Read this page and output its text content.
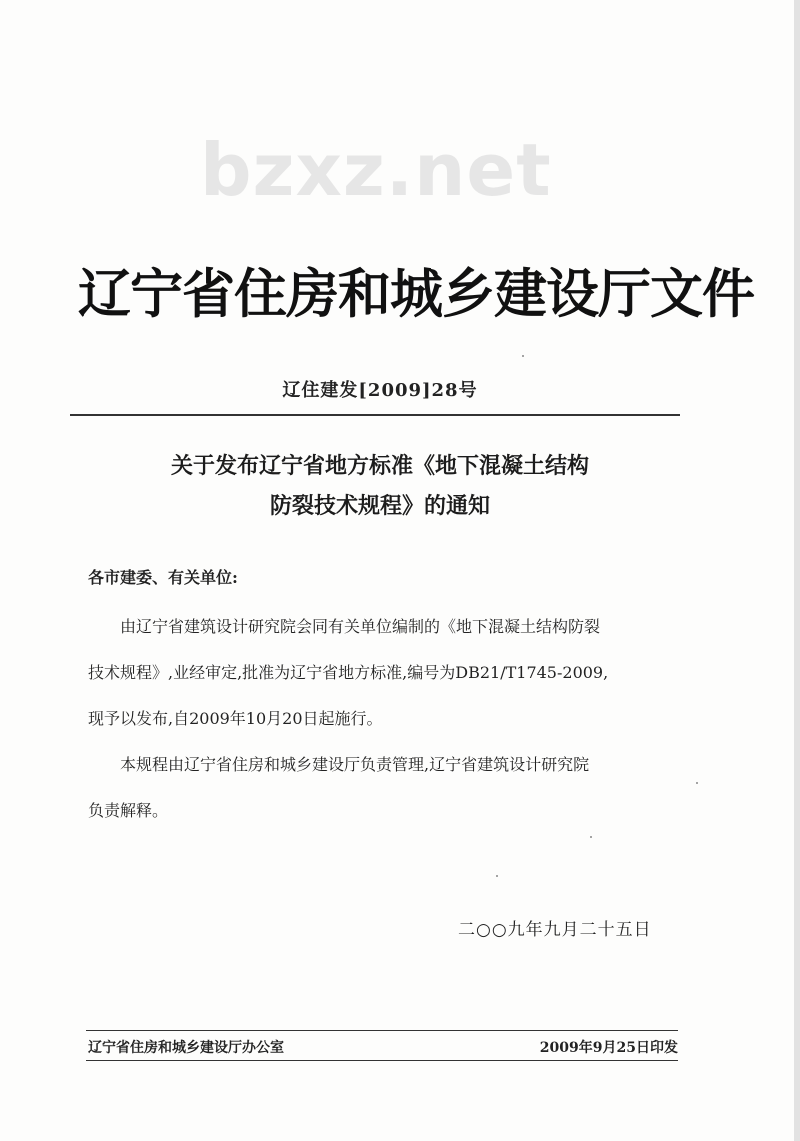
bzxz.net
辽宁省住房和城乡建设厅文件
辽住建发[2009]28号
关于发布辽宁省地方标准《地下混凝土结构
防裂技术规程》的通知
各市建委、有关单位:
由辽宁省建筑设计研究院会同有关单位编制的《地下混凝土结构防裂
技术规程》,业经审定,批准为辽宁省地方标准,编号为DB21/T1745-2009,
现予以发布,自2009年10月20日起施行。
本规程由辽宁省住房和城乡建设厅负责管理,辽宁省建筑设计研究院
负责解释。
二○○九年九月二十五日
辽宁省住房和城乡建设厅办公室	2009年9月25日印发
